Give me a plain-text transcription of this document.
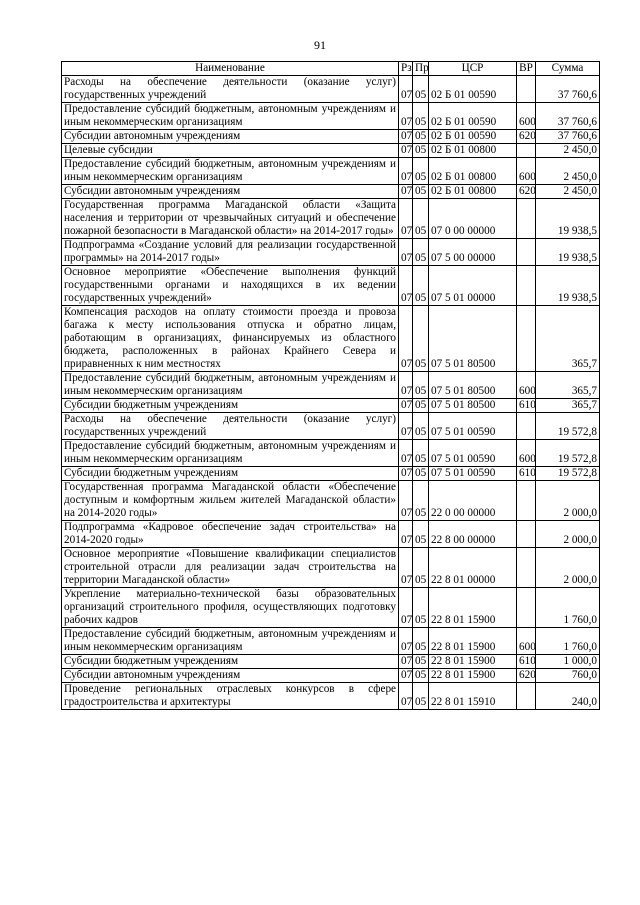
91
Наименование	Рз	Пр	ЦСР	ВР	Сумма
Расходы на обеспечение деятельности (оказание услуг) государственных учреждений	07	05	02 Б 01 00590		37 760,6
Предоставление субсидий бюджетным, автономным учреждениям и иным некоммерческим организациям	07	05	02 Б 01 00590	600	37 760,6
Субсидии автономным учреждениям	07	05	02 Б 01 00590	620	37 760,6
Целевые субсидии	07	05	02 Б 01 00800		2 450,0
Предоставление субсидий бюджетным, автономным учреждениям и иным некоммерческим организациям	07	05	02 Б 01 00800	600	2 450,0
Субсидии автономным учреждениям	07	05	02 Б 01 00800	620	2 450,0
Государственная программа Магаданской области «Защита населения и территории от чрезвычайных ситуаций и обеспечение пожарной безопасности в Магаданской области» на 2014-2017 годы»	07	05	07 0 00 00000		19 938,5
Подпрограмма «Создание условий для реализации государственной программы» на 2014-2017 годы»	07	05	07 5 00 00000		19 938,5
Основное мероприятие «Обеспечение выполнения функций государственными органами и находящихся в их ведении государственных учреждений»	07	05	07 5 01 00000		19 938,5
Компенсация расходов на оплату стоимости проезда и провоза багажа к месту использования отпуска и обратно лицам, работающим в организациях, финансируемых из областного бюджета, расположенных в районах Крайнего Севера и приравненных к ним местностях	07	05	07 5 01 80500		365,7
Предоставление субсидий бюджетным, автономным учреждениям и иным некоммерческим организациям	07	05	07 5 01 80500	600	365,7
Субсидии бюджетным учреждениям	07	05	07 5 01 80500	610	365,7
Расходы на обеспечение деятельности (оказание услуг) государственных учреждений	07	05	07 5 01 00590		19 572,8
Предоставление субсидий бюджетным, автономным учреждениям и иным некоммерческим организациям	07	05	07 5 01 00590	600	19 572,8
Субсидии бюджетным учреждениям	07	05	07 5 01 00590	610	19 572,8
Государственная программа Магаданской области «Обеспечение доступным и комфортным жильем жителей Магаданской области» на 2014-2020 годы»	07	05	22 0 00 00000		2 000,0
Подпрограмма «Кадровое обеспечение задач строительства» на 2014-2020 годы»	07	05	22 8 00 00000		2 000,0
Основное мероприятие «Повышение квалификации специалистов строительной отрасли для реализации задач строительства на территории Магаданской области»	07	05	22 8 01 00000		2 000,0
Укрепление материально-технической базы образовательных организаций строительного профиля, осуществляющих подготовку рабочих кадров	07	05	22 8 01 15900		1 760,0
Предоставление субсидий бюджетным, автономным учреждениям и иным некоммерческим организациям	07	05	22 8 01 15900	600	1 760,0
Субсидии бюджетным учреждениям	07	05	22 8 01 15900	610	1 000,0
Субсидии автономным учреждениям	07	05	22 8 01 15900	620	760,0
Проведение региональных отраслевых конкурсов в сфере градостроительства и архитектуры	07	05	22 8 01 15910		240,0
